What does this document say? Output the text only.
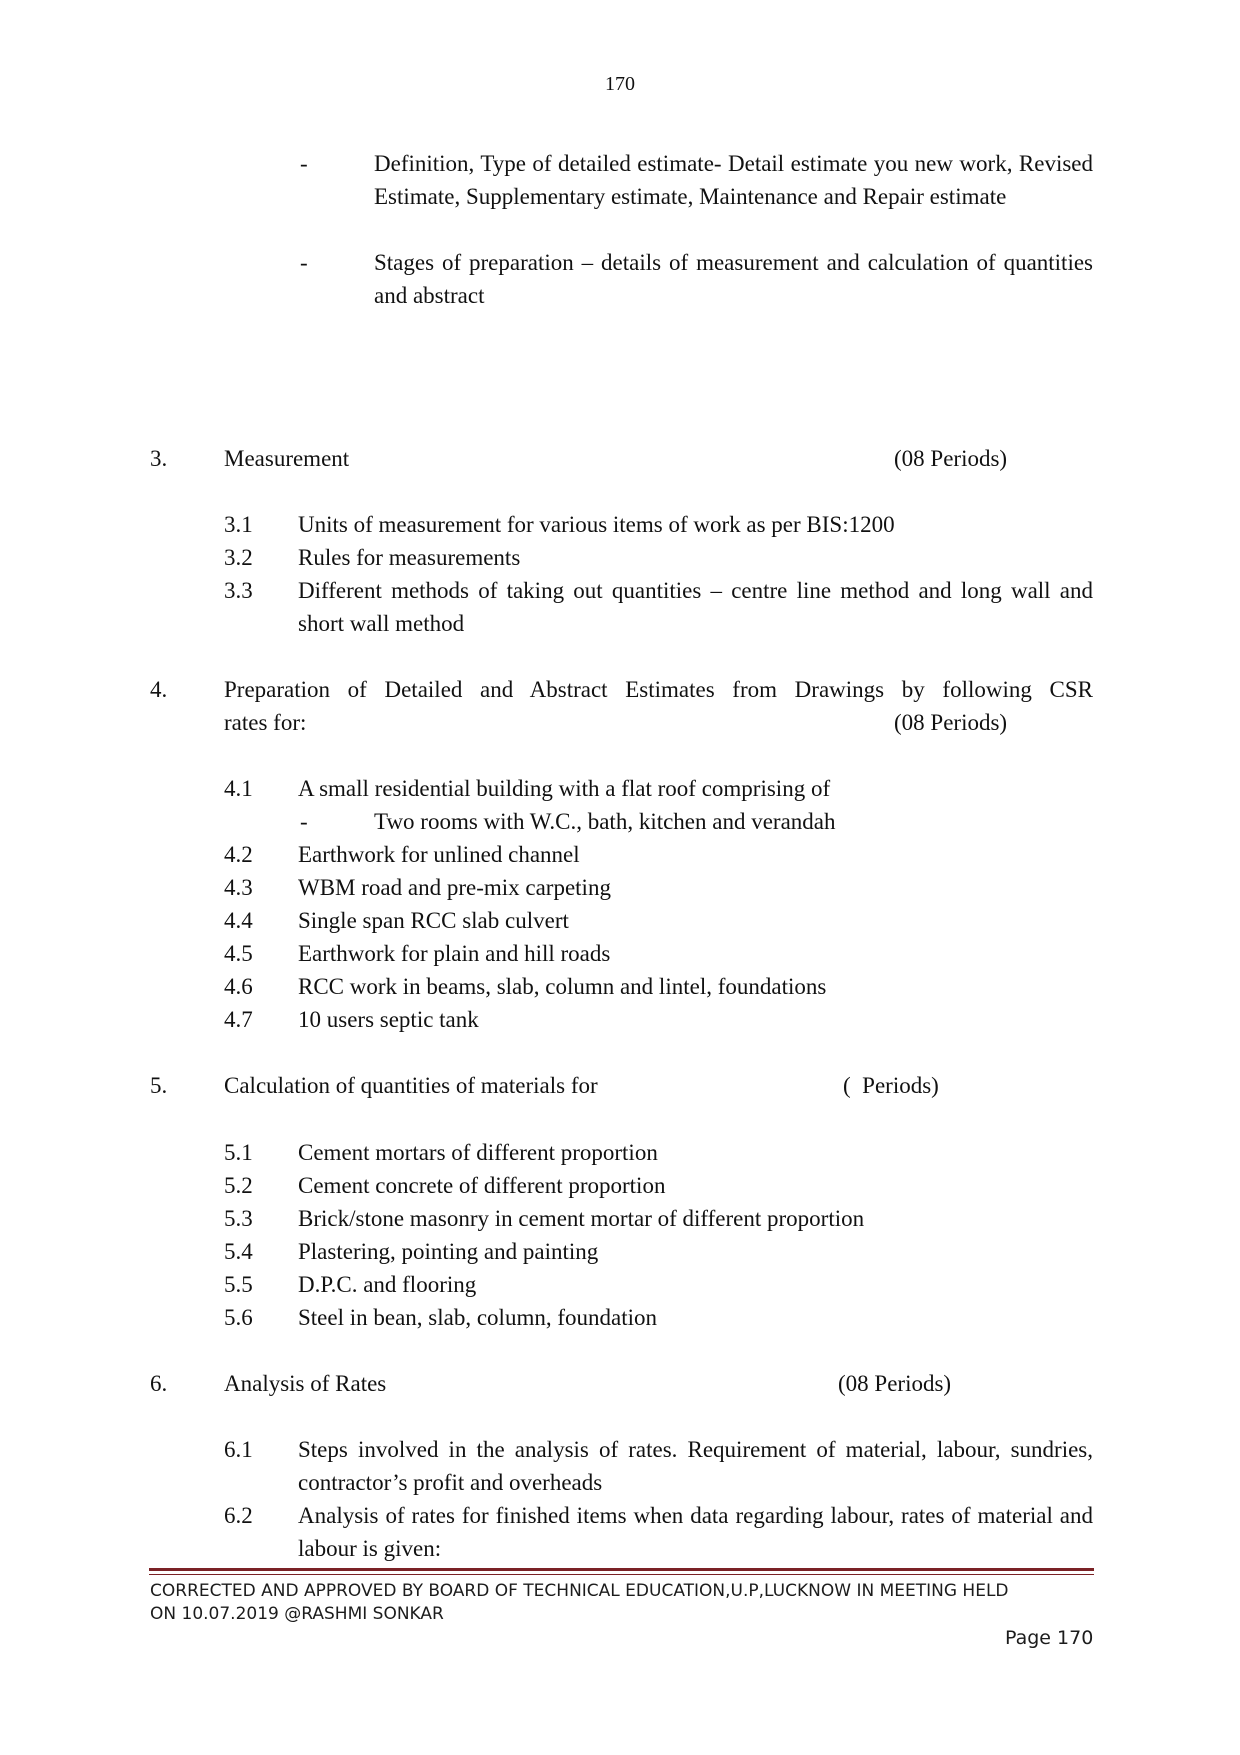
170
-	Definition, Type of detailed estimate- Detail estimate you new work, Revised Estimate, Supplementary estimate, Maintenance and Repair estimate
-	Stages of preparation – details of measurement and calculation of quantities and abstract
3. Measurement	(08 Periods)
3.1 Units of measurement for various items of work as per BIS:1200
3.2 Rules for measurements
3.3 Different methods of taking out quantities – centre line method and long wall and short wall method
4. Preparation of Detailed and Abstract Estimates from Drawings by following CSR
rates for:	(08 Periods)
4.1 A small residential building with a flat roof comprising of
-	Two rooms with W.C., bath, kitchen and verandah
4.2 Earthwork for unlined channel
4.3 WBM road and pre-mix carpeting
4.4 Single span RCC slab culvert
4.5 Earthwork for plain and hill roads
4.6 RCC work in beams, slab, column and lintel, foundations
4.7 10 users septic tank
5. Calculation of quantities of materials for	(  Periods)
5.1 Cement mortars of different proportion
5.2 Cement concrete of different proportion
5.3 Brick/stone masonry in cement mortar of different proportion
5.4 Plastering, pointing and painting
5.5 D.P.C. and flooring
5.6 Steel in bean, slab, column, foundation
6. Analysis of Rates	(08 Periods)
6.1 Steps involved in the analysis of rates. Requirement of material, labour, sundries, contractor’s profit and overheads
6.2 Analysis of rates for finished items when data regarding labour, rates of material and labour is given:
CORRECTED AND APPROVED BY BOARD OF TECHNICAL EDUCATION,U.P,LUCKNOW IN MEETING HELD
ON 10.07.2019 @RASHMI SONKAR
Page 170
